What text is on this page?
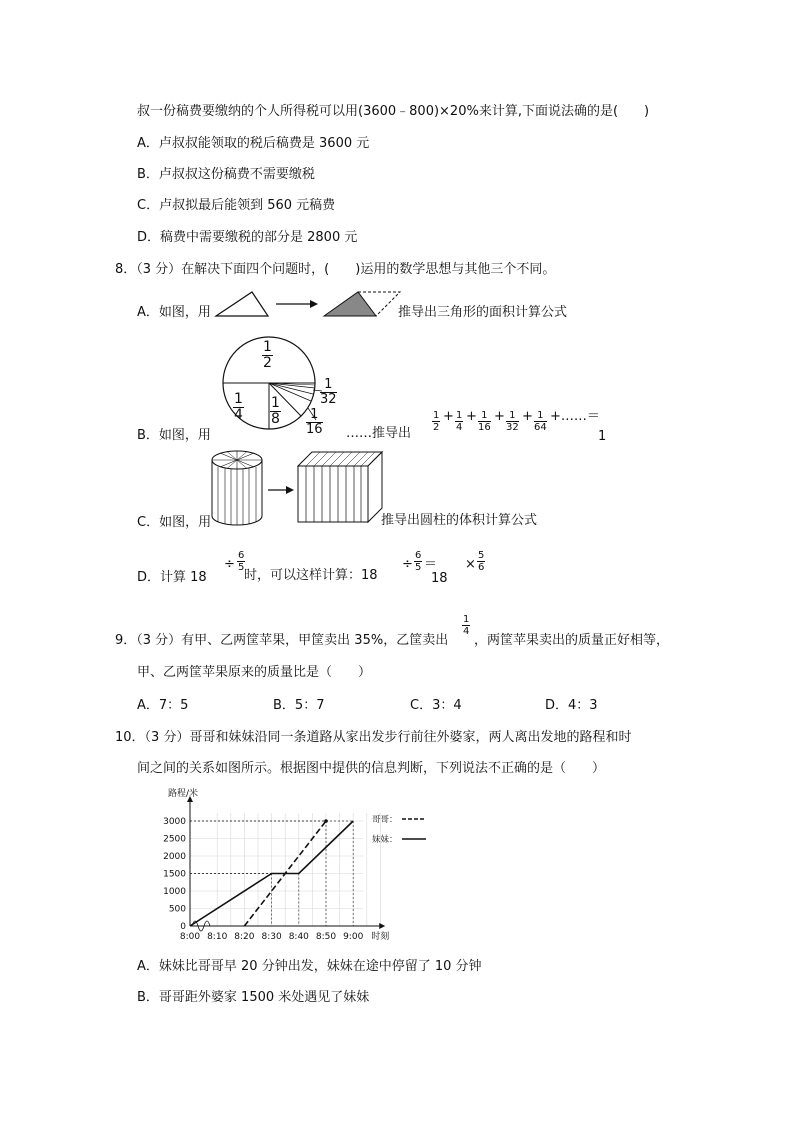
叔一份稿费要缴纳的个人所得税可以用(3600﹣800)×20%来计算,下面说法确的是(　　)
A．卢叔叔能领取的税后稿费是 3600 元
B．卢叔叔这份稿费不需要缴税
C．卢叔拟最后能领到 560 元稿费
D．稿费中需要缴税的部分是 2800 元
8．（3 分）在解决下面四个问题时，(　　)运用的数学思想与其他三个不同。
A．如图，用	推导出三角形的面积计算公式
B．如图，用
$\frac{1}{2}$
$\frac{1}{4} \frac{1}{8} \frac{1}{16}$
$\frac{1}{32}$
……推导出
$\frac{1}{2} + \frac{1}{4} + \frac{1}{16} + \frac{1}{32} + \frac{1}{64}$ +……＝
1
C．如图，用	推导出圆柱的体积计算公式
D．计算 18
÷ $\frac{6}{5}$
时，可以这样计算：18
÷ $\frac{6}{5}$ ＝
18
× $\frac{5}{6}$
9．（3 分）有甲、乙两筐苹果，甲筐卖出 35%，乙筐卖出
$\frac{1}{4}$
，两筐苹果卖出的质量正好相等，
甲、乙两筐苹果原来的质量比是（　　）
A．7：5	B．5：7	C．3：4	D．4：3
10．（3 分）哥哥和妹妹沿同一条道路从家出发步行前往外婆家，两人离出发地的路程和时
间之间的关系如图所示。根据图中提供的信息判断，下列说法不正确的是（　　）
0
500
1000
1500
2000
2500
3000
8:00 8:10 8:20 8:30 8:40 8:50 9:00
路程/米
时刻
哥哥：
妹妹：
A．妹妹比哥哥早 20 分钟出发，妹妹在途中停留了 10 分钟
B．哥哥距外婆家 1500 米处遇见了妹妹
